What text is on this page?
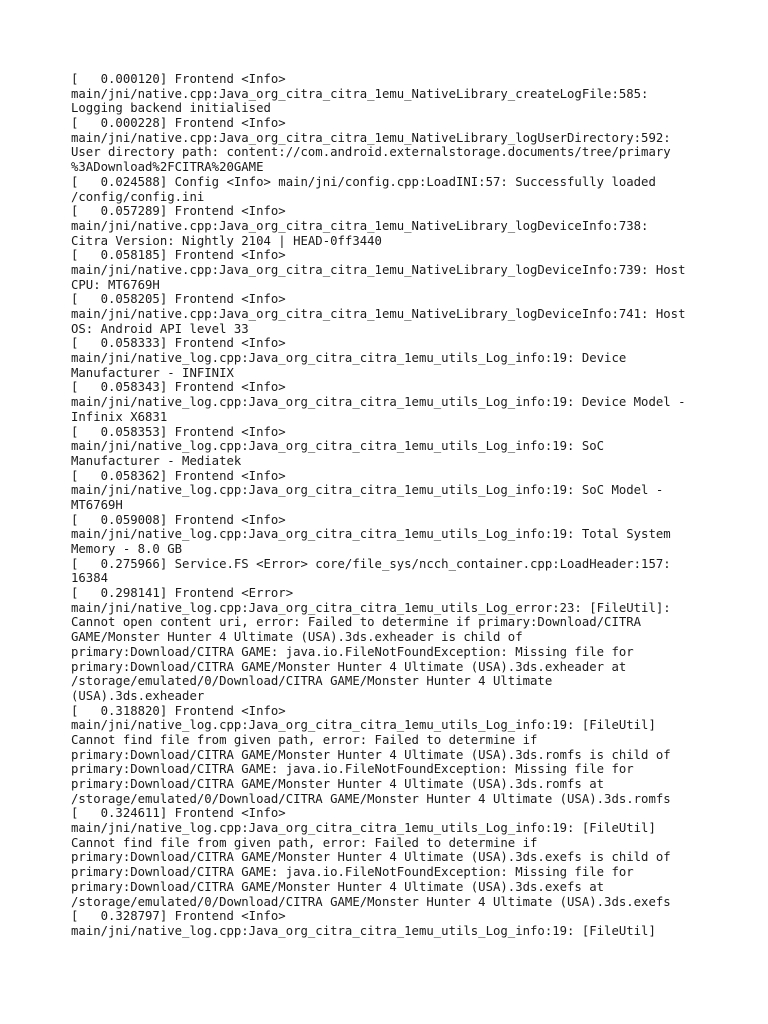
[   0.000120] Frontend <Info>
main/jni/native.cpp:Java_org_citra_citra_1emu_NativeLibrary_createLogFile:585:
Logging backend initialised
[   0.000228] Frontend <Info>
main/jni/native.cpp:Java_org_citra_citra_1emu_NativeLibrary_logUserDirectory:592:
User directory path: content://com.android.externalstorage.documents/tree/primary
%3ADownload%2FCITRA%20GAME
[   0.024588] Config <Info> main/jni/config.cpp:LoadINI:57: Successfully loaded
/config/config.ini
[   0.057289] Frontend <Info>
main/jni/native.cpp:Java_org_citra_citra_1emu_NativeLibrary_logDeviceInfo:738:
Citra Version: Nightly 2104 | HEAD-0ff3440
[   0.058185] Frontend <Info>
main/jni/native.cpp:Java_org_citra_citra_1emu_NativeLibrary_logDeviceInfo:739: Host
CPU: MT6769H
[   0.058205] Frontend <Info>
main/jni/native.cpp:Java_org_citra_citra_1emu_NativeLibrary_logDeviceInfo:741: Host
OS: Android API level 33
[   0.058333] Frontend <Info>
main/jni/native_log.cpp:Java_org_citra_citra_1emu_utils_Log_info:19: Device
Manufacturer - INFINIX
[   0.058343] Frontend <Info>
main/jni/native_log.cpp:Java_org_citra_citra_1emu_utils_Log_info:19: Device Model -
Infinix X6831
[   0.058353] Frontend <Info>
main/jni/native_log.cpp:Java_org_citra_citra_1emu_utils_Log_info:19: SoC
Manufacturer - Mediatek
[   0.058362] Frontend <Info>
main/jni/native_log.cpp:Java_org_citra_citra_1emu_utils_Log_info:19: SoC Model -
MT6769H
[   0.059008] Frontend <Info>
main/jni/native_log.cpp:Java_org_citra_citra_1emu_utils_Log_info:19: Total System
Memory - 8.0 GB
[   0.275966] Service.FS <Error> core/file_sys/ncch_container.cpp:LoadHeader:157:
16384
[   0.298141] Frontend <Error>
main/jni/native_log.cpp:Java_org_citra_citra_1emu_utils_Log_error:23: [FileUtil]:
Cannot open content uri, error: Failed to determine if primary:Download/CITRA
GAME/Monster Hunter 4 Ultimate (USA).3ds.exheader is child of
primary:Download/CITRA GAME: java.io.FileNotFoundException: Missing file for
primary:Download/CITRA GAME/Monster Hunter 4 Ultimate (USA).3ds.exheader at
/storage/emulated/0/Download/CITRA GAME/Monster Hunter 4 Ultimate
(USA).3ds.exheader
[   0.318820] Frontend <Info>
main/jni/native_log.cpp:Java_org_citra_citra_1emu_utils_Log_info:19: [FileUtil]
Cannot find file from given path, error: Failed to determine if
primary:Download/CITRA GAME/Monster Hunter 4 Ultimate (USA).3ds.romfs is child of
primary:Download/CITRA GAME: java.io.FileNotFoundException: Missing file for
primary:Download/CITRA GAME/Monster Hunter 4 Ultimate (USA).3ds.romfs at
/storage/emulated/0/Download/CITRA GAME/Monster Hunter 4 Ultimate (USA).3ds.romfs
[   0.324611] Frontend <Info>
main/jni/native_log.cpp:Java_org_citra_citra_1emu_utils_Log_info:19: [FileUtil]
Cannot find file from given path, error: Failed to determine if
primary:Download/CITRA GAME/Monster Hunter 4 Ultimate (USA).3ds.exefs is child of
primary:Download/CITRA GAME: java.io.FileNotFoundException: Missing file for
primary:Download/CITRA GAME/Monster Hunter 4 Ultimate (USA).3ds.exefs at
/storage/emulated/0/Download/CITRA GAME/Monster Hunter 4 Ultimate (USA).3ds.exefs
[   0.328797] Frontend <Info>
main/jni/native_log.cpp:Java_org_citra_citra_1emu_utils_Log_info:19: [FileUtil]
